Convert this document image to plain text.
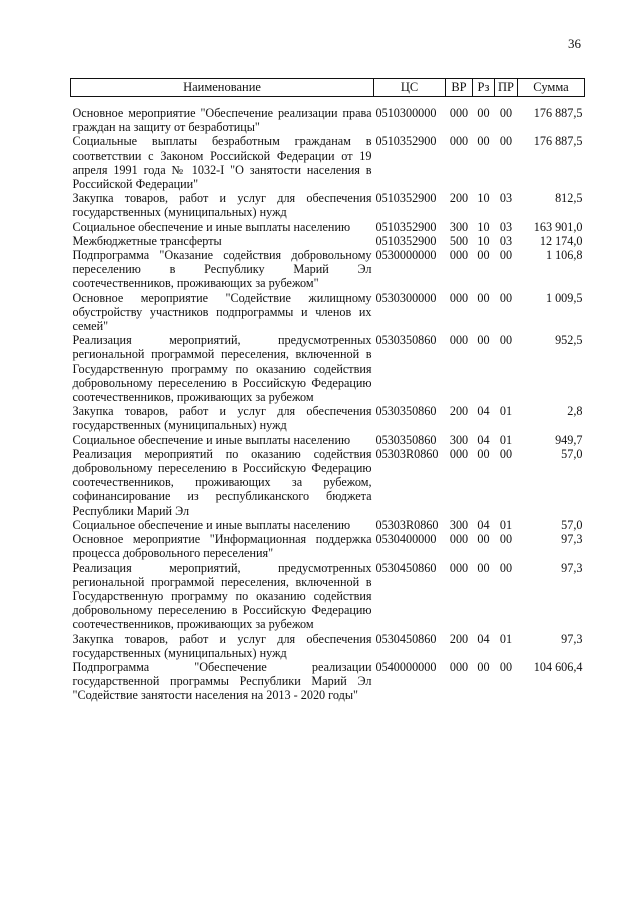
36
Наименование	ЦС	ВР	Рз	ПР	Сумма

Основное мероприятие "Обеспечение реализации права граждан на защиту от безработицы"	0510300000	000	00	00	176 887,5
Социальные выплаты безработным гражданам в соответствии с Законом Российской Федерации от 19 апреля 1991 года № 1032-I "О занятости населения в Российской Федерации"	0510352900	000	00	00	176 887,5
Закупка товаров, работ и услуг для обеспечения государственных (муниципальных) нужд	0510352900	200	10	03	812,5
Социальное обеспечение и иные выплаты населению	0510352900	300	10	03	163 901,0
Межбюджетные трансферты	0510352900	500	10	03	12 174,0
Подпрограмма "Оказание содействия добровольному переселению в Республику Марий Эл соотечественников, проживающих за рубежом"	0530000000	000	00	00	1 106,8
Основное мероприятие "Содействие жилищному обустройству участников подпрограммы и членов их семей"	0530300000	000	00	00	1 009,5
Реализация мероприятий, предусмотренных региональной программой переселения, включенной в Государственную программу по оказанию содействия добровольному переселению в Российскую Федерацию соотечественников, проживающих за рубежом	0530350860	000	00	00	952,5
Закупка товаров, работ и услуг для обеспечения государственных (муниципальных) нужд	0530350860	200	04	01	2,8
Социальное обеспечение и иные выплаты населению	0530350860	300	04	01	949,7
Реализация мероприятий по оказанию содействия добровольному переселению в Российскую Федерацию соотечественников, проживающих за рубежом, софинансирование из республиканского бюджета Республики Марий Эл	05303R0860	000	00	00	57,0
Социальное обеспечение и иные выплаты населению	05303R0860	300	04	01	57,0
Основное мероприятие "Информационная поддержка процесса добровольного переселения"	0530400000	000	00	00	97,3
Реализация мероприятий, предусмотренных региональной программой переселения, включенной в Государственную программу по оказанию содействия добровольному переселению в Российскую Федерацию соотечественников, проживающих за рубежом	0530450860	000	00	00	97,3
Закупка товаров, работ и услуг для обеспечения государственных (муниципальных) нужд	0530450860	200	04	01	97,3
Подпрограмма "Обеспечение реализации государственной программы Республики Марий Эл "Содействие занятости населения на 2013 - 2020 годы"	0540000000	000	00	00	104 606,4
